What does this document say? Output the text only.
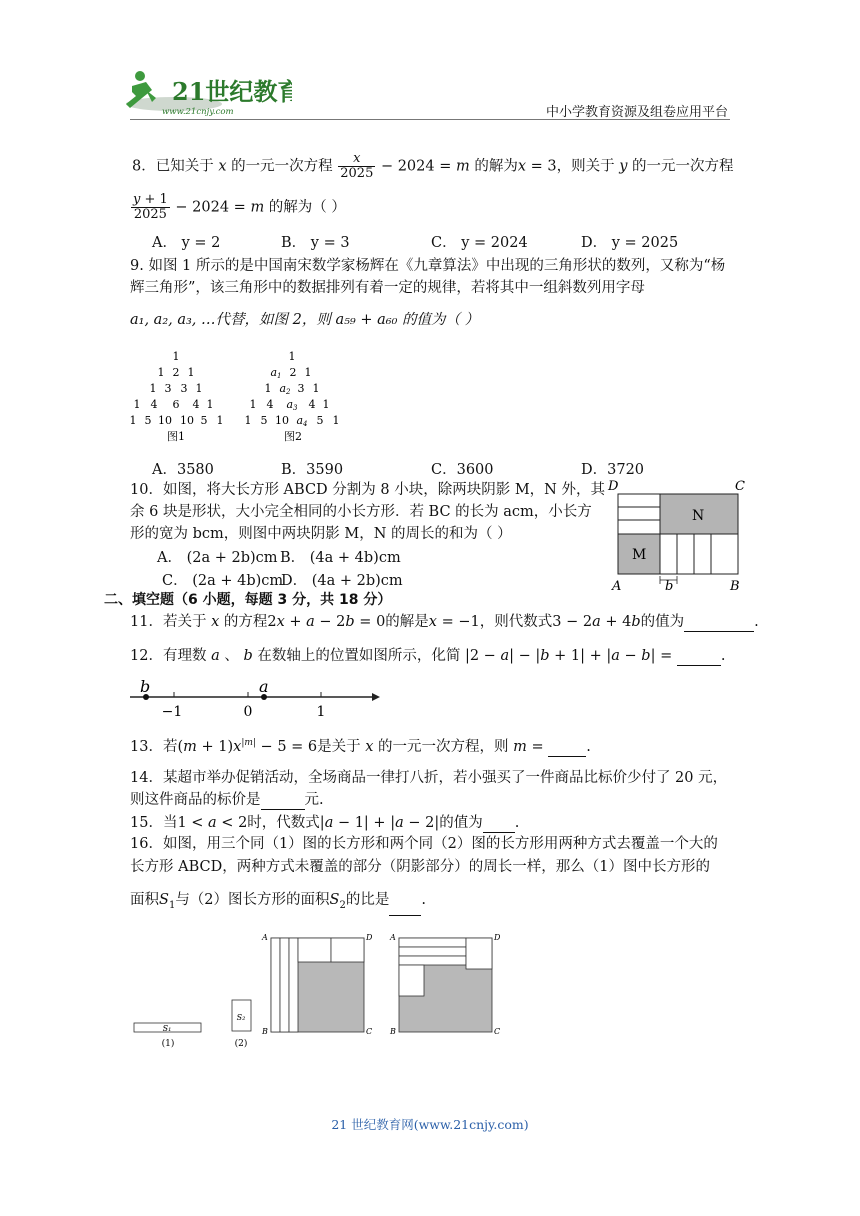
21世纪教育
www.21cnjy.com	中小学教育资源及组卷应用平台
8．已知关于 x 的一元一次方程 $\frac{x}{2025} - 2024 = m$ 的解为x = 3，则关于 y 的一元一次方程
$\frac{y + 1}{2025} - 2024 = m$ 的解为（ ）
A． y = 2	B． y = 3	C． y = 2024	D． y = 2025
9. 如图 1 所示的是中国南宋数学家杨辉在《九章算法》中出现的三角形状的数列，又称为“杨
辉三角形”，该三角形中的数据排列有着一定的规律，若将其中一组斜数列用字母
a₁, a₂, a₃, …代替，如图 2，则 a₅₉ + a₆₀ 的值为（ ）
1
1 2 1
1 3 3 1
1 4 6 4 1
1 5 10 10 5 1
图1
1
a1 2 1
1 a2 3 1
1 4 a3 4 1
1 5 10 a4 5 1
图2
A．3580	B．3590	C．3600	D．3720
10．如图，将大长方形 ABCD 分割为 8 小块，除两块阴影 M，N 外，其
余 6 块是形状，大小完全相同的小长方形．若 BC 的长为 acm，小长方
形的宽为 bcm，则图中两块阴影 M，N 的周长的和为（ ）
A． (2a + 2b)cm B． (4a + 4b)cm
C． (2a + 4b)cm
D． (4a + 2b)cm
D	C
A	B
b
N
M
二、填空题（6 小题，每题 3 分，共 18 分）
11．若关于 x 的方程2x + a − 2b = 0的解是x = −1，则代数式3 − 2a + 4b的值为	.
12．有理数 a 、 b 在数轴上的位置如图所示，化简 |2 − a| − |b + 1| + |a − b| =	.
b	a
−1	0	1
13．若$(m + 1)x^{|m|} - 5 = 6$是关于 x 的一元一次方程，则 m =	.
14．某超市举办促销活动，全场商品一律打八折，若小强买了一件商品比标价少付了 20 元，
则这件商品的标价是	元.
15．当1 < a < 2时，代数式|a − 1| + |a − 2|的值为 .
16．如图，用三个同（1）图的长方形和两个同（2）图的长方形用两种方式去覆盖一个大的
长方形 ABCD，两种方式未覆盖的部分（阴影部分）的周长一样，那么（1）图中长方形的
面积$S_1$与（2）图长方形的面积$S_2$的比是 .
S₁
(1)
S₂
(2)
A	D
B	C
A	D
B	C
21 世纪教育网(www.21cnjy.com)
